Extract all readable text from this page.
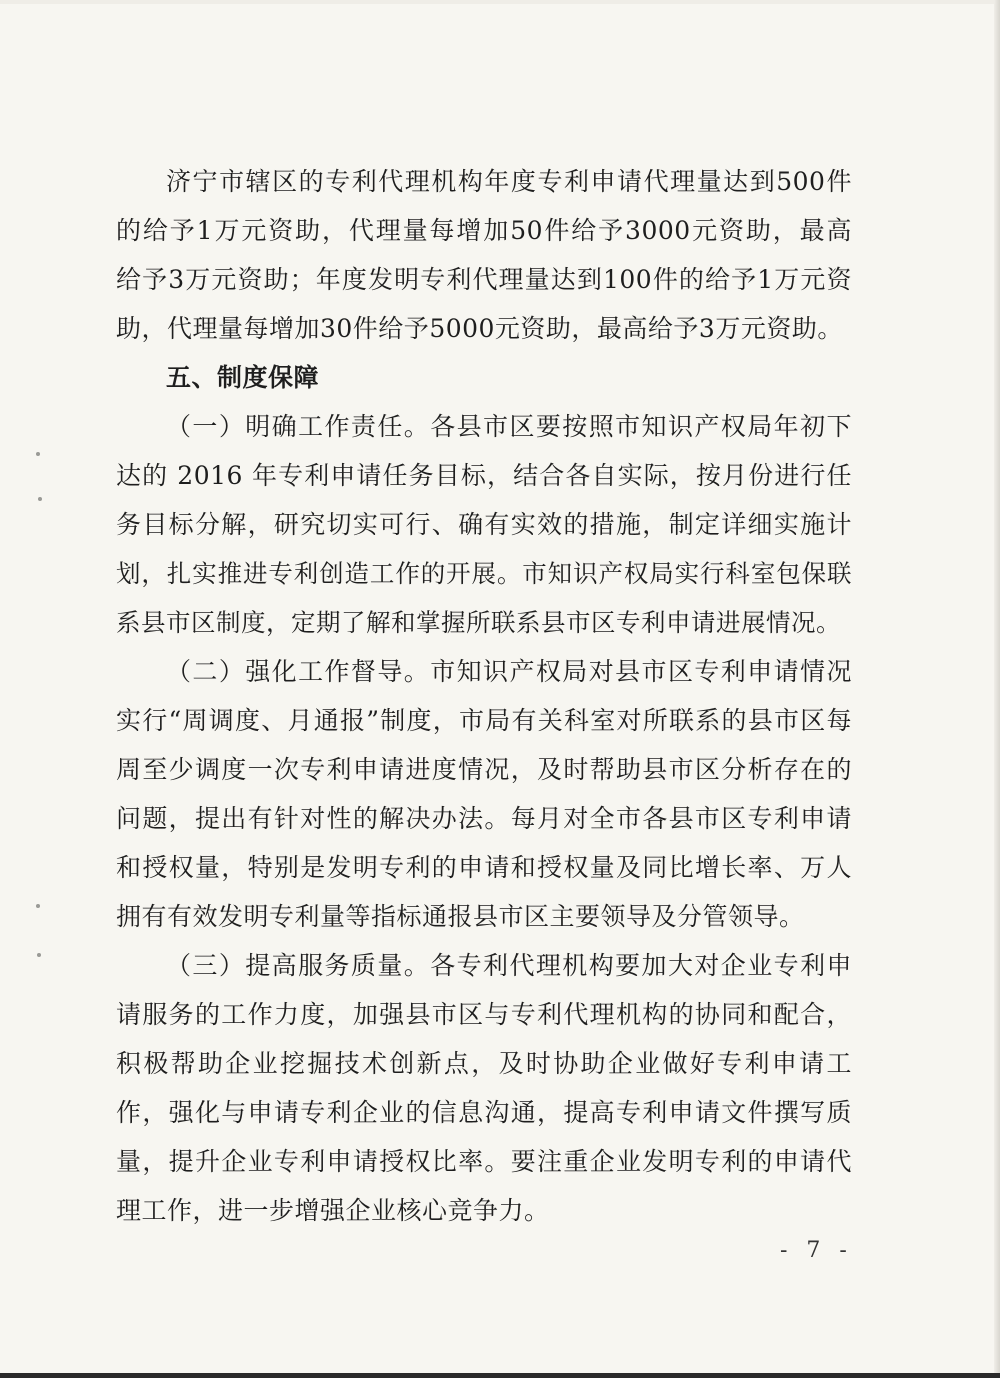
济宁市辖区的专利代理机构年度专利申请代理量达到500件
的给予1万元资助，代理量每增加50件给予3000元资助，最高
给予3万元资助；年度发明专利代理量达到100件的给予1万元资
助，代理量每增加30件给予5000元资助，最高给予3万元资助。
五、制度保障
（一）明确工作责任。各县市区要按照市知识产权局年初下
达的 2016 年专利申请任务目标，结合各自实际，按月份进行任
务目标分解，研究切实可行、确有实效的措施，制定详细实施计
划，扎实推进专利创造工作的开展。市知识产权局实行科室包保联
系县市区制度，定期了解和掌握所联系县市区专利申请进展情况。
（二）强化工作督导。市知识产权局对县市区专利申请情况
实行“周调度、月通报”制度，市局有关科室对所联系的县市区每
周至少调度一次专利申请进度情况，及时帮助县市区分析存在的
问题，提出有针对性的解决办法。每月对全市各县市区专利申请
和授权量，特别是发明专利的申请和授权量及同比增长率、万人
拥有有效发明专利量等指标通报县市区主要领导及分管领导。
（三）提高服务质量。各专利代理机构要加大对企业专利申
请服务的工作力度，加强县市区与专利代理机构的协同和配合，
积极帮助企业挖掘技术创新点，及时协助企业做好专利申请工
作，强化与申请专利企业的信息沟通，提高专利申请文件撰写质
量，提升企业专利申请授权比率。要注重企业发明专利的申请代
理工作，进一步增强企业核心竞争力。
- 7 -
